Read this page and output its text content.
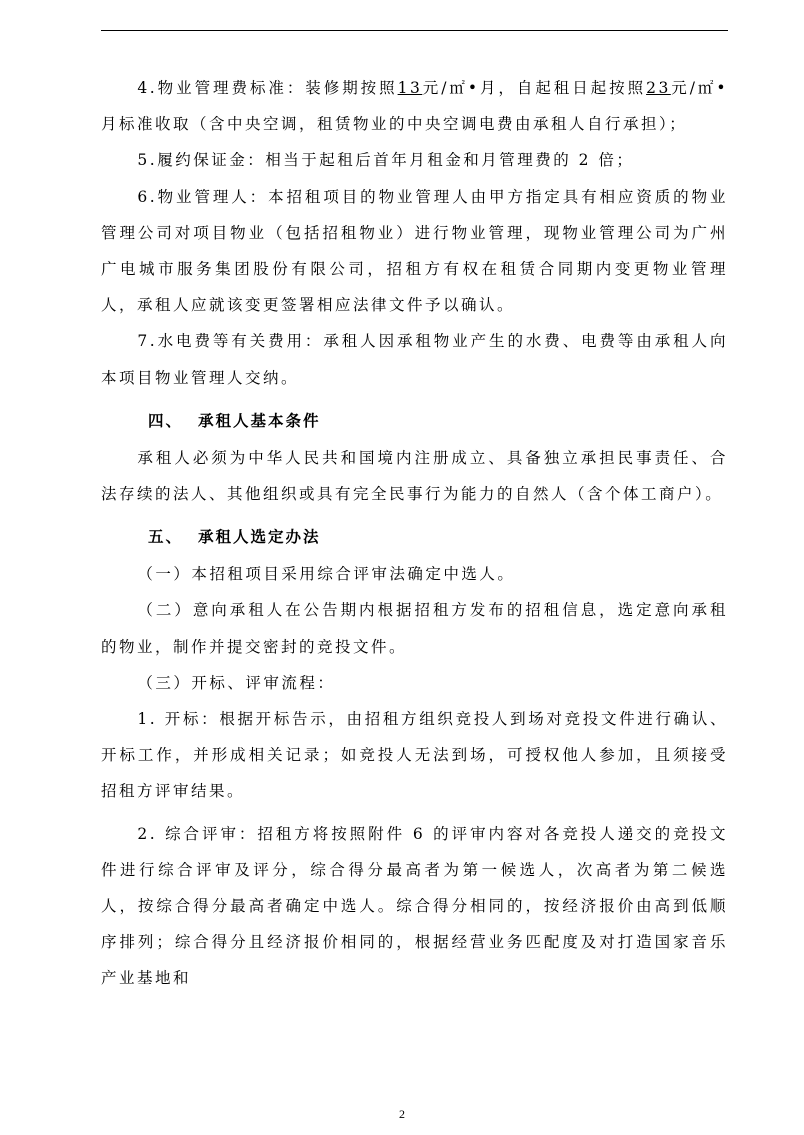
4.物业管理费标准：装修期按照13元/㎡•月，自起租日起按照23元/㎡•月标准收取（含中央空调，租赁物业的中央空调电费由承租人自行承担）；

5.履约保证金：相当于起租后首年月租金和月管理费的 2 倍；

6.物业管理人：本招租项目的物业管理人由甲方指定具有相应资质的物业管理公司对项目物业（包括招租物业）进行物业管理，现物业管理公司为广州广电城市服务集团股份有限公司，招租方有权在租赁合同期内变更物业管理人，承租人应就该变更签署相应法律文件予以确认。

7.水电费等有关费用：承租人因承租物业产生的水费、电费等由承租人向本项目物业管理人交纳。

四、 承租人基本条件

承租人必须为中华人民共和国境内注册成立、具备独立承担民事责任、合法存续的法人、其他组织或具有完全民事行为能力的自然人（含个体工商户）。

五、 承租人选定办法

（一）本招租项目采用综合评审法确定中选人。

（二）意向承租人在公告期内根据招租方发布的招租信息，选定意向承租的物业，制作并提交密封的竞投文件。

（三）开标、评审流程：

1. 开标：根据开标告示，由招租方组织竞投人到场对竞投文件进行确认、开标工作，并形成相关记录；如竞投人无法到场，可授权他人参加，且须接受招租方评审结果。

2. 综合评审：招租方将按照附件 6 的评审内容对各竞投人递交的竞投文件进行综合评审及评分，综合得分最高者为第一候选人，次高者为第二候选人，按综合得分最高者确定中选人。综合得分相同的，按经济报价由高到低顺序排列；综合得分且经济报价相同的，根据经营业务匹配度及对打造国家音乐产业基地和

2
